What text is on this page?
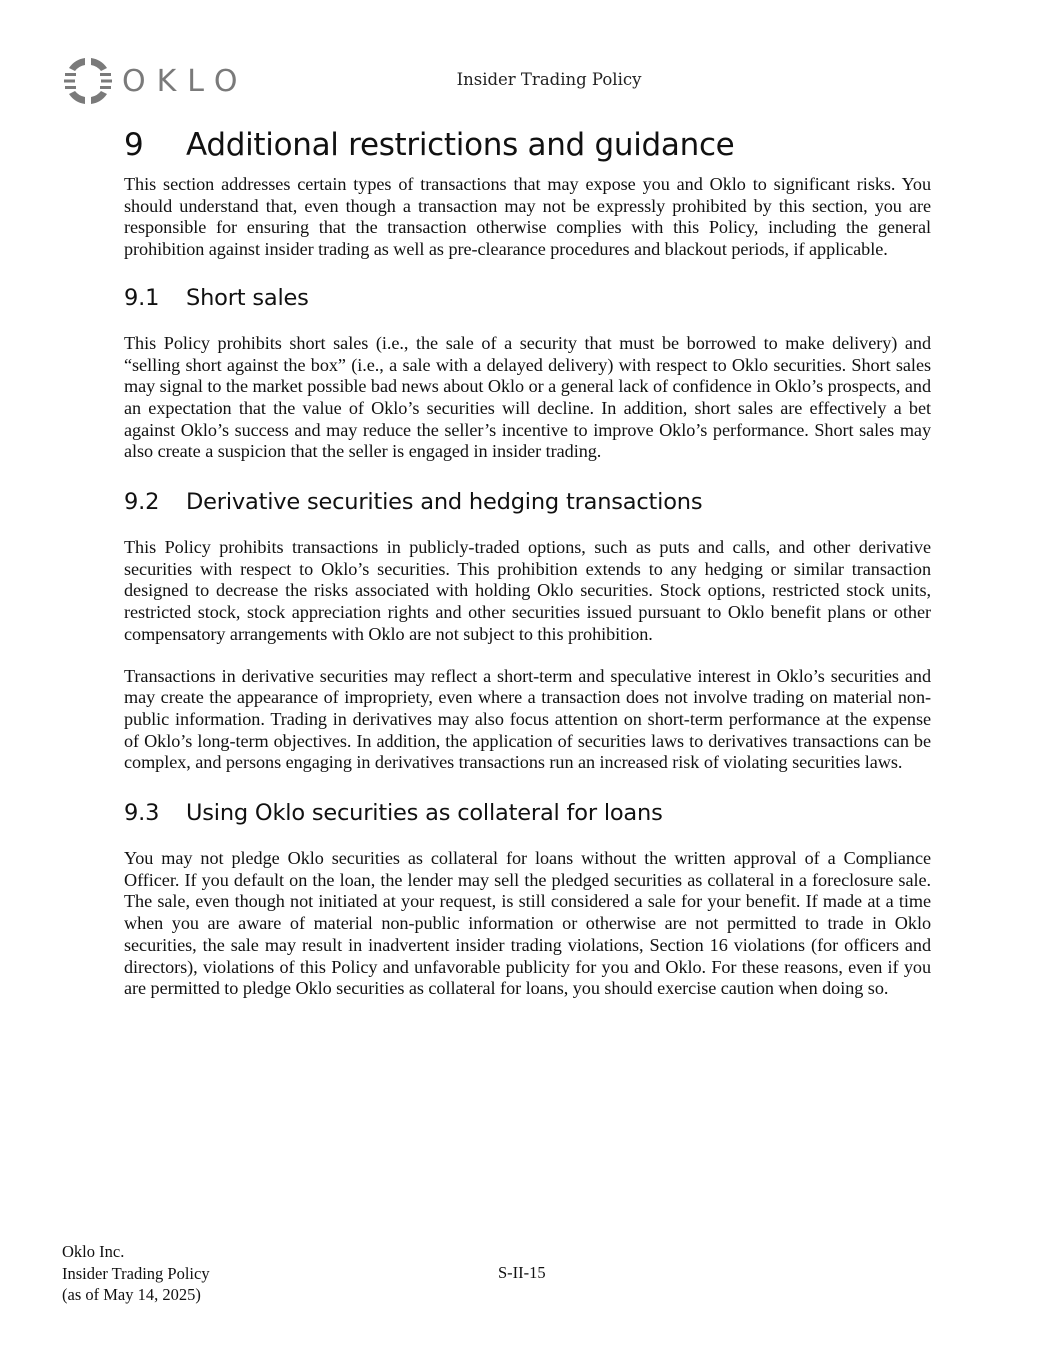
OKLO	Insider Trading Policy
9	Additional restrictions and guidance

This section addresses certain types of transactions that may expose you and Oklo to significant risks. You should understand that, even though a transaction may not be expressly prohibited by this section, you are responsible for ensuring that the transaction otherwise complies with this Policy, including the general prohibition against insider trading as well as pre-clearance procedures and blackout periods, if applicable.

9.1	Short sales

This Policy prohibits short sales (i.e., the sale of a security that must be borrowed to make delivery) and “selling short against the box” (i.e., a sale with a delayed delivery) with respect to Oklo securities. Short sales may signal to the market possible bad news about Oklo or a general lack of confidence in Oklo’s prospects, and an expectation that the value of Oklo’s securities will decline. In addition, short sales are effectively a bet against Oklo’s success and may reduce the seller’s incentive to improve Oklo’s performance. Short sales may also create a suspicion that the seller is engaged in insider trading.

9.2	Derivative securities and hedging transactions

This Policy prohibits transactions in publicly-traded options, such as puts and calls, and other derivative securities with respect to Oklo’s securities. This prohibition extends to any hedging or similar transaction designed to decrease the risks associated with holding Oklo securities. Stock options, restricted stock units, restricted stock, stock appreciation rights and other securities issued pursuant to Oklo benefit plans or other compensatory arrangements with Oklo are not subject to this prohibition.

Transactions in derivative securities may reflect a short-term and speculative interest in Oklo’s securities and may create the appearance of impropriety, even where a transaction does not involve trading on material non-public information. Trading in derivatives may also focus attention on short-term performance at the expense of Oklo’s long-term objectives. In addition, the application of securities laws to derivatives transactions can be complex, and persons engaging in derivatives transactions run an increased risk of violating securities laws.

9.3	Using Oklo securities as collateral for loans

You may not pledge Oklo securities as collateral for loans without the written approval of a Compliance Officer. If you default on the loan, the lender may sell the pledged securities as collateral in a foreclosure sale. The sale, even though not initiated at your request, is still considered a sale for your benefit. If made at a time when you are aware of material non-public information or otherwise are not permitted to trade in Oklo securities, the sale may result in inadvertent insider trading violations, Section 16 violations (for officers and directors), violations of this Policy and unfavorable publicity for you and Oklo. For these reasons, even if you are permitted to pledge Oklo securities as collateral for loans, you should exercise caution when doing so.

Oklo Inc.
Insider Trading Policy
(as of May 14, 2025)
S-II-15
